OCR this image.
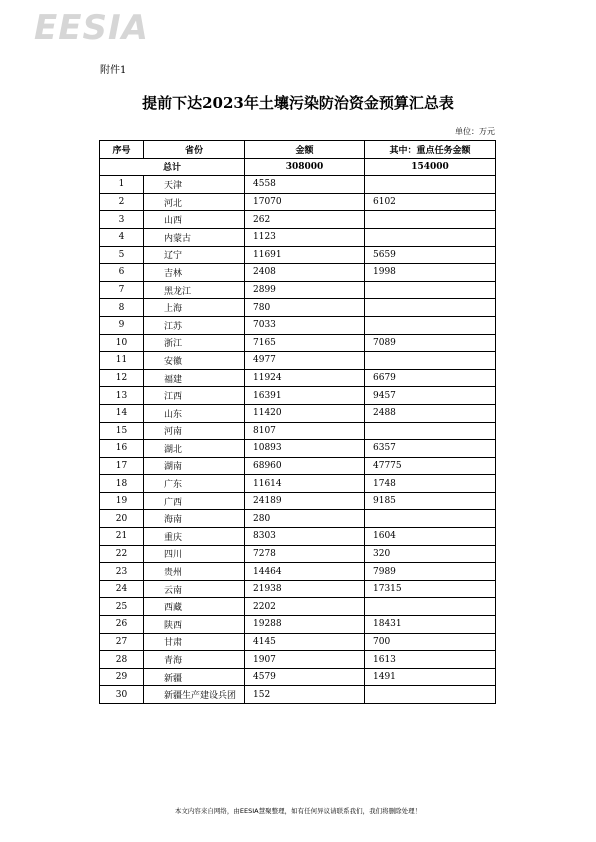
EESIA
附件1
提前下达2023年土壤污染防治资金预算汇总表
单位：万元
序号	省份	金额	其中：重点任务金额
总计		308000	154000
1	天津	4558	
2	河北	17070	6102
3	山西	262	
4	内蒙古	1123	
5	辽宁	11691	5659
6	吉林	2408	1998
7	黑龙江	2899	
8	上海	780	
9	江苏	7033	
10	浙江	7165	7089
11	安徽	4977	
12	福建	11924	6679
13	江西	16391	9457
14	山东	11420	2488
15	河南	8107	
16	湖北	10893	6357
17	湖南	68960	47775
18	广东	11614	1748
19	广西	24189	9185
20	海南	280	
21	重庆	8303	1604
22	四川	7278	320
23	贵州	14464	7989
24	云南	21938	17315
25	西藏	2202	
26	陕西	19288	18431
27	甘肃	4145	700
28	青海	1907	1613
29	新疆	4579	1491
30	新疆生产建设兵团	152	
本文内容来自网络，由EESIA慧聚整理，如有任何异议请联系我们，我们将删除处理！
